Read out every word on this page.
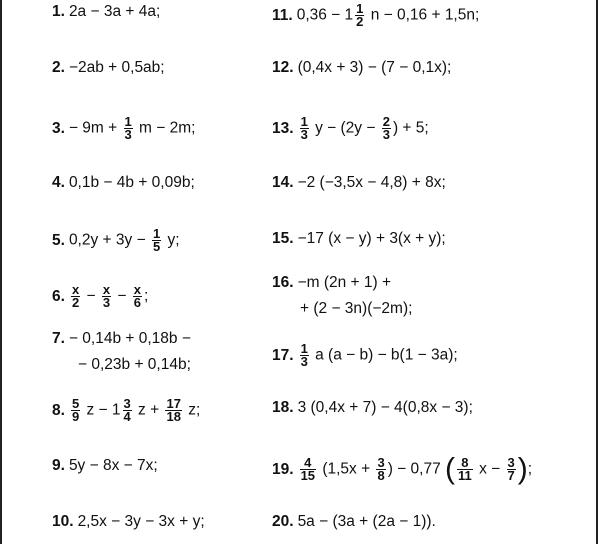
1. 2a − 3a + 4a;
2. −2ab + 0,5ab;
3. − $9m + \frac{1}{3}$ m − 2m;
4. 0,1b − 4b + 0,09b;
5. $0,2y + 3y - \frac{1}{5} y$;
6. $\frac{x}{2} - \frac{x}{3} - \frac{x}{6}$ ;
7. − 0,14b + 0,18b −
− 0,23b + 0,14b;
8. $\frac{5}{9}$ $z - 1 \frac{3}{4}$ $z + \frac{17}{18} z$;
9. 5y − 8x − 7x;
10. 2,5x − 3y − 3x + y;
11. $0,36 - 1 \frac{1}{2}$ n − 0,16 + 1,5n;
12. (0,4x + 3) − (7 − 0,1x);
13. $\frac{1}{3}$ $y - (2y - \frac{2}{3}$ ) + 5;
14. −2 (−3,5x − 4,8) + 8x;
15. −17 (x − y) + 3(x + y);
16. −m (2n + 1) +
+ (2 − 3n)(−2m);
17. $\frac{1}{3}$ a (a − b) − b(1 − 3a);
18. 3 (0,4x + 7) − 4(0,8x − 3);
19. $\frac{4}{15} (1,5x + \frac{3}{8}$ ) − 0,77 ( $\frac{8}{11}$ $x - \frac{3}{7}$ );
20. 5a − (3a + (2a − 1)).
